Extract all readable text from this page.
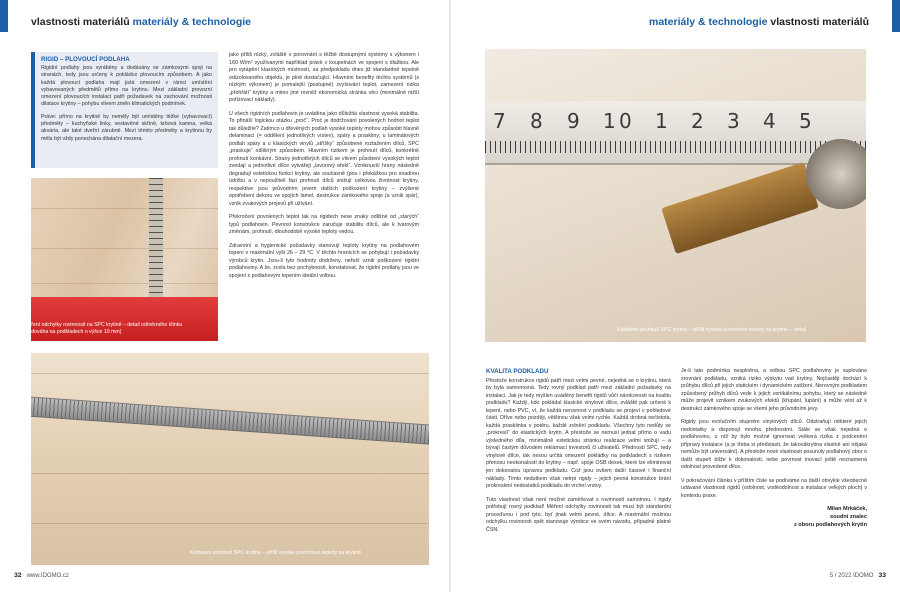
vlastnosti materiálů materiály & technologie
RIGID – PLOVOUCÍ PODLAHA

Rigidní podlahy jsou vyráběny a dodávány se zámkovými spoji na stranách, tedy jsou určeny k pokládce plovoucím způsobem. A jako každá plovoucí podlaha mají jistá omezení v rámci umístění vybavovaných předmětů přímo na krytinu. Mezi základní provozní omezení plovoucích instalací patří požadavek na zachování možnosti dilatace krytiny – pohybu vlivem změn klimatických podmínek.

Práve: přímo na krytině by neměly být umístěny těžké (vybavovací) předměty – kuchyňské linky, vestavěné skříně, krbová kamna, velká akvária, ale také dveřní zárubně. Mezi těmito předměty a krytinou by měla být vždy ponechána dilatační mezera.

Měření odchylky rovinnosti na SPC krytině – detail odměrného klínku (vodováha na podkladech o výšce 10 mm)

jako příliš nízký, zvláště v porovnání s těžbě dostupnými systémy s výkonem i 160 W/m² využívanými například právě v koupelnách ve spojení s dlažbou. Ale pro vytápění klasických místností, za předpokladu dnes již standardně tepelně odizolovaného objektu, je plně dostačující. Hlavními benefity těchto systémů (s nízkým výkonem) je pomalejší (postupné) zvyšování teplot, zamezení rizika „přehřátí“ krytiny a mimo jiné rovněž ekonomická stránka věci (minimálně nižší pořizovací náklady).

U všech rigidních podlahovin je uváděna jako důležitá vlastnost vysoká stabilita. To přináší logickou otázku „proč“. Proč je dodržování povolených hodnot teplot tak důležité? Zatímco u dřevěných podlah vysoké teploty mohou způsobit hlavně delaminaci (= oddělení jednotlivých vrstev), spáry a praskliny, u laminátových podlah spáry a u klasických vinylů „stříšky“ způsobené roztažením dílců, SPC „praskuje“ odlišným způsobem. Hlavním rizikem je prohnutí dílců, konkrétně prohnutí konkávní. Strany jednotlivých dílců se vlivem působení vysokých teplot zvedají a jednotlivé dílce vytvářejí „lavorový efekt“. Vzniknuvší hrany následně degradují estetickou funkci krytiny, ale současně (pou i překážkou pro snadnou údržbu a v nepoužitelí fázi prohnutí dílců snižují celkovou životnost krytiny, respektive jsou průvodním jevem dalších poškození krytiny – zvýšené opotřebení dekoru ve spojích lamel, destrukce zámkového spoje (a vznik spár), vznik zvukových projevů při užívání.

Překročení povolených teplot tak na rigidech nese znaky odlišné od „starých“ typů podlahovin. Pevnost konstrukce zaručuje stabilitu dílců, ale k tvarovým změnám, prohnutí, dlouhodobě vysoké teploty vedou.

Zdravotní a hygienické požadavky stanovují teploty krytiny na podlahovém topení v maximální výši 26 – 29 °C. V těchto hranicích se pohybují i požadavky výrobců krytin. Jsou-li tyto hodnoty dodrženy, neřeší vznik poškození rigidní podlahoviny. A že, zcela bez pochybnosti, konstatovat, že rigidní podlahy jsou ve spojení s podlahovým topením ideální volbou.

Konkávní prohnutí SPC krytiny – příliš vysoké povrchové teploty na krytině
32 www.IDOMO.cz
materiály & technologie vlastnosti materiálů
7 8 9 1 0 1 2 3 4 5
Konkávní prohnutí SPC krytiny – příliš vysoké povrchové teploty na krytině – detail
KVALITA PODKLADU

Přestože konstrukce rigidů patří mezi velmi pevné, nejedná se o krytinu, která by byla samonosná. Tedy rovný podklad patří mezi základní požadavky na instalaci. Jak je tedy myšlen uváděný benefit rigidů vůči nárokovosti na kvalitu podkladu? Každý, kdo pokládal klasické vinylové dílce, zvláště pak určené k lepení, nebo PVC, ví, že každá nerovnost v podkladu se projeví v pohledové části. Dříve nebo později, většinou však velmi rychle. Každá drobná nečistota, každá prasklinka v potěru, každé zvlnění podkladu. Všechny tyto nedůty se „prokreslí“ do elastických krytin. A přestože se nemusí jednat přímo o vadu výsledného díla, minimálně estetickou stránku realizace velmi snižují – a bývají častým důvodem reklamací investorů či uživatelů. Předností SPC, tedy vinylové dílce, tak nesou určitá omezení pokládky na podkladech s rizikem přenosu neokonalostí do krytiny – např. spoje OSB desek, které lze eliminovat jen dokonalou úpravou podkladu. Což jsou ovšem další časové i finanční náklady. Tímto nedutkem však netrpí rigidy – jejich pevná konstrukce brání prokreslení nedostatků podkladu do vrchní vrstvy.

Tuto vlastnost však není možné zaměňovat s rovinností samotnou. I rigidy potřebují rovný podklad! Měření odchylky rovinnosti tak musí být standardní proceďurou i pod tyto, byť jinak velmi pevné, dílce. A maximální možnou odchylku rovinnosti opět stanovuje výrobce ve svém návodu, případně platné ČSN.

Je-li tato podmínka nesplněna, a volbou SPC podlahoviny je suplováno srovnání podkladu, vzniká riziko výskytu vad krytiny. Nejčastěji dochází k průhybu dílců při jejich statickém i dynamickém zatížení. Nerovným podkladem způsobený průhyb dílců vede k jejich vertikálnímu pohybu, který se následně může projevit vznikem zvukových efektů (křupání, lupání) a může vést až k destrukci zámkového spoje se všemi jeho průvodními jevy.

Rigidy jsou evolučním stupněm vinylových dílců. Odstraňují některé jejich nedostatky a disponují mnoha přednostmi. Stále se však nejedná o podlahovinu, u níž by bylo možné ignorovat veškerá rizika z podcenění přípravy instalace (a je třeba si představit, že takovákrytina vlastně ani nějaká nemůže být univerzální). A přestože nové vlastnosti posunuly podlahový obor o další stupeň blíže k dokonalosti, nebe povrnost inovací ještě neznamená odolnost provedené dílce.

V pokračování článku v příštím čísle se podíváme na další obvykle všeobecně udávané vlastnosti rigidů (odolnost, voděodolnost a instalace velkých ploch) v kontextu praxe.

Milan Mrkáček,
soudní znalec
z oboru podlahových krytin
5 / 2022 IDOMO 33
